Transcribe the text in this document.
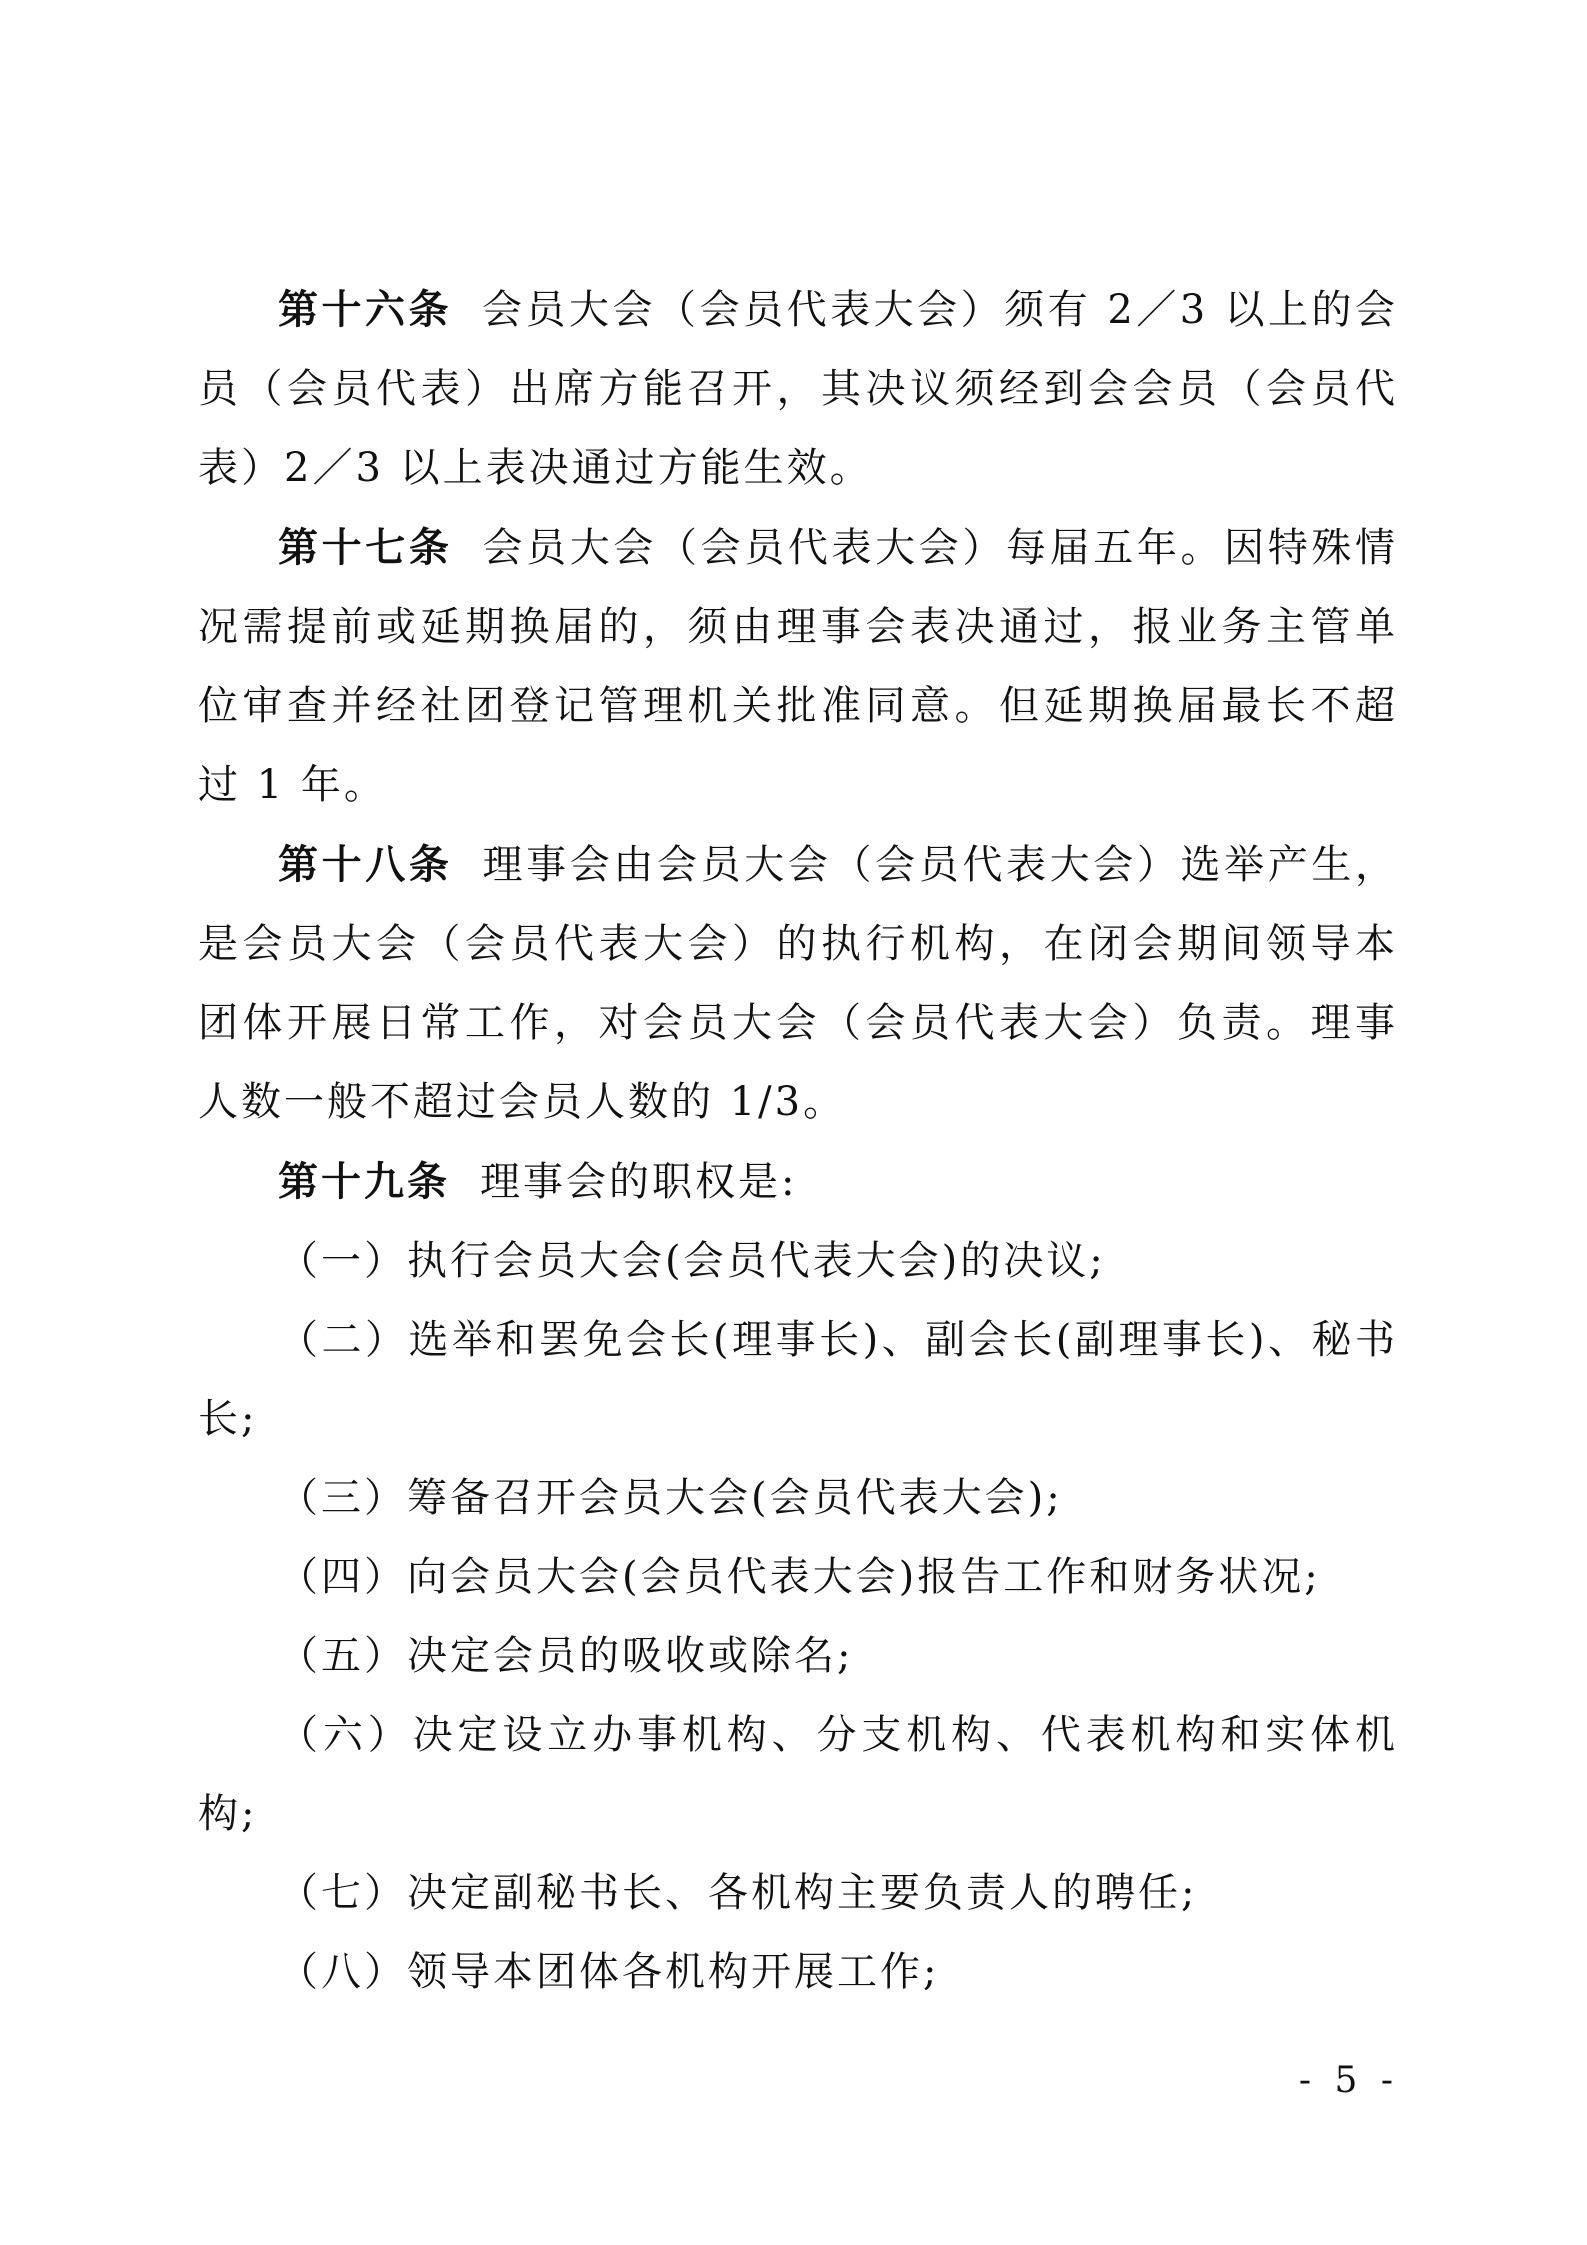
第十六条 会员大会（会员代表大会）须有 2／3 以上的会员（会员代表）出席方能召开，其决议须经到会会员（会员代表）2／3 以上表决通过方能生效。

第十七条 会员大会（会员代表大会）每届五年。因特殊情况需提前或延期换届的，须由理事会表决通过，报业务主管单位审查并经社团登记管理机关批准同意。但延期换届最长不超过 1 年。

第十八条 理事会由会员大会（会员代表大会）选举产生，是会员大会（会员代表大会）的执行机构，在闭会期间领导本团体开展日常工作，对会员大会（会员代表大会）负责。理事人数一般不超过会员人数的 1/3。

第十九条 理事会的职权是:

（一）执行会员大会(会员代表大会)的决议;

（二）选举和罢免会长(理事长)、副会长(副理事长)、秘书长;

（三）筹备召开会员大会(会员代表大会);

（四）向会员大会(会员代表大会)报告工作和财务状况;

（五）决定会员的吸收或除名;

（六）决定设立办事机构、分支机构、代表机构和实体机构;

（七）决定副秘书长、各机构主要负责人的聘任;

（八）领导本团体各机构开展工作;

- 5 -
